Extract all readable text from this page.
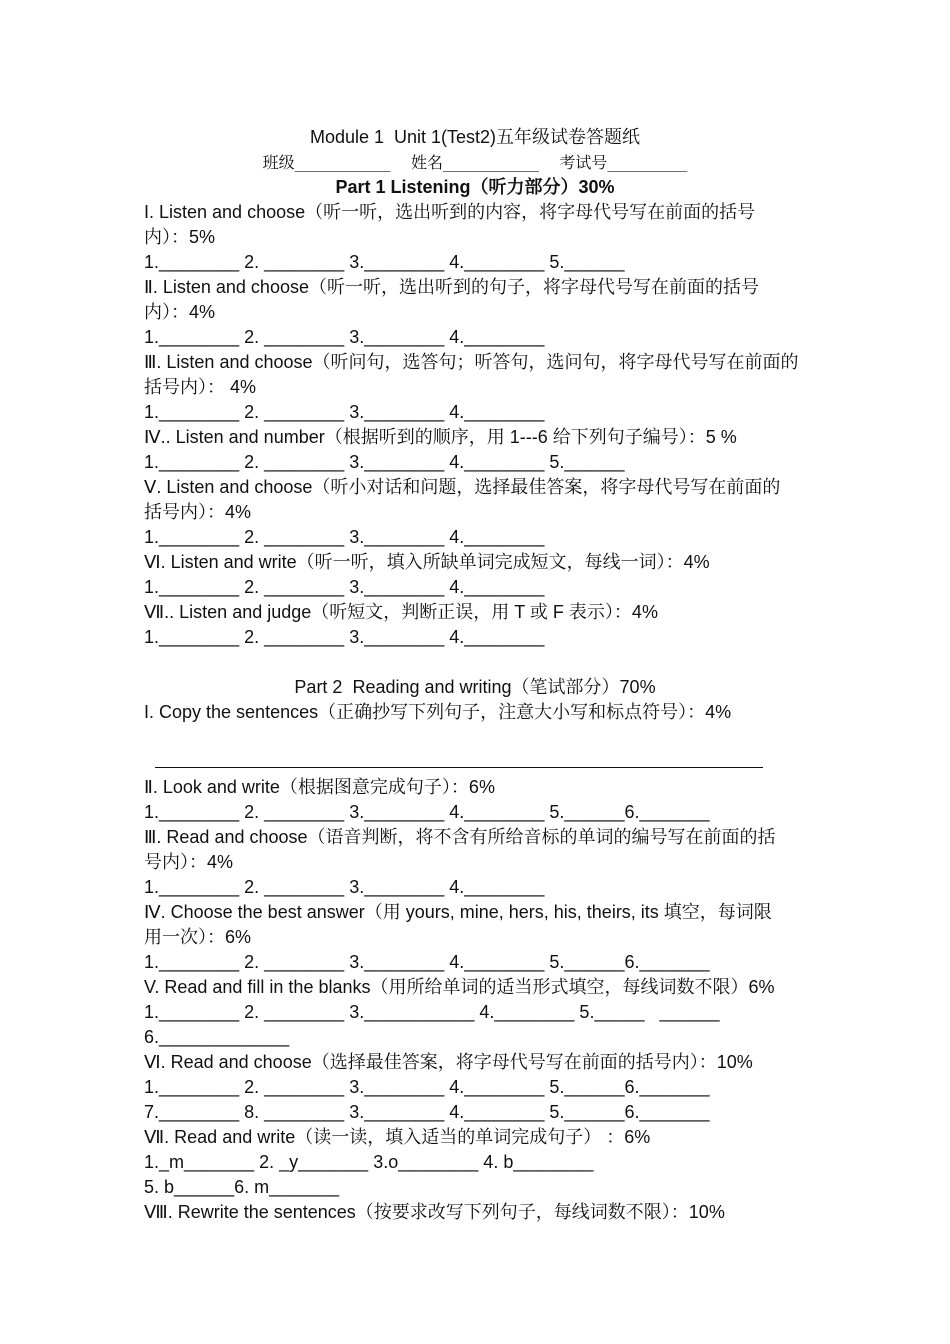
Module 1  Unit 1(Test2)五年级试卷答题纸
班级____________    姓名____________    考试号__________
Part 1 Listening（听力部分）30%
I. Listen and choose（听一听，选出听到的内容，将字母代号写在前面的括号
内）：5%
1.________ 2. ________ 3.________ 4.________ 5.______
Ⅱ. Listen and choose（听一听，选出听到的句子，将字母代号写在前面的括号
内）：4%
1.________ 2. ________ 3.________ 4.________
Ⅲ. Listen and choose（听问句，选答句；听答句，选问句，将字母代号写在前面的
括号内）： 4%
1.________ 2. ________ 3.________ 4.________
Ⅳ.. Listen and number（根据听到的顺序，用 1---6 给下列句子编号）：5 %
1.________ 2. ________ 3.________ 4.________ 5.______
Ⅴ. Listen and choose（听小对话和问题，选择最佳答案，将字母代号写在前面的
括号内）：4%
1.________ 2. ________ 3.________ 4.________
Ⅵ. Listen and write（听一听，填入所缺单词完成短文，每线一词）：4%
1.________ 2. ________ 3.________ 4.________
Ⅶ.. Listen and judge（听短文，判断正误，用 T 或 F 表示）：4%
1.________ 2. ________ 3.________ 4.________
Part 2  Reading and writing（笔试部分）70%
I. Copy the sentences（正确抄写下列句子，注意大小写和标点符号）：4%
Ⅱ. Look and write（根据图意完成句子）：6%
1.________ 2. ________ 3.________ 4.________ 5.______6._______
Ⅲ. Read and choose（语音判断，将不含有所给音标的单词的编号写在前面的括
号内）：4%
1.________ 2. ________ 3.________ 4.________
Ⅳ. Choose the best answer（用 yours, mine, hers, his, theirs, its 填空，每词限
用一次）：6%
1.________ 2. ________ 3.________ 4.________ 5.______6._______
V. Read and fill in the blanks（用所给单词的适当形式填空，每线词数不限）6%
1.________ 2. ________ 3.___________ 4.________ 5._____   ______
6._____________
Ⅵ. Read and choose（选择最佳答案，将字母代号写在前面的括号内）：10%
1.________ 2. ________ 3.________ 4.________ 5.______6._______
7.________ 8. ________ 3.________ 4.________ 5.______6._______
Ⅶ. Read and write（读一读，填入适当的单词完成句子） ：6%
1._m_______ 2. _y_______ 3.o________ 4. b________
5. b______6. m_______
Ⅷ. Rewrite the sentences（按要求改写下列句子，每线词数不限）：10%
